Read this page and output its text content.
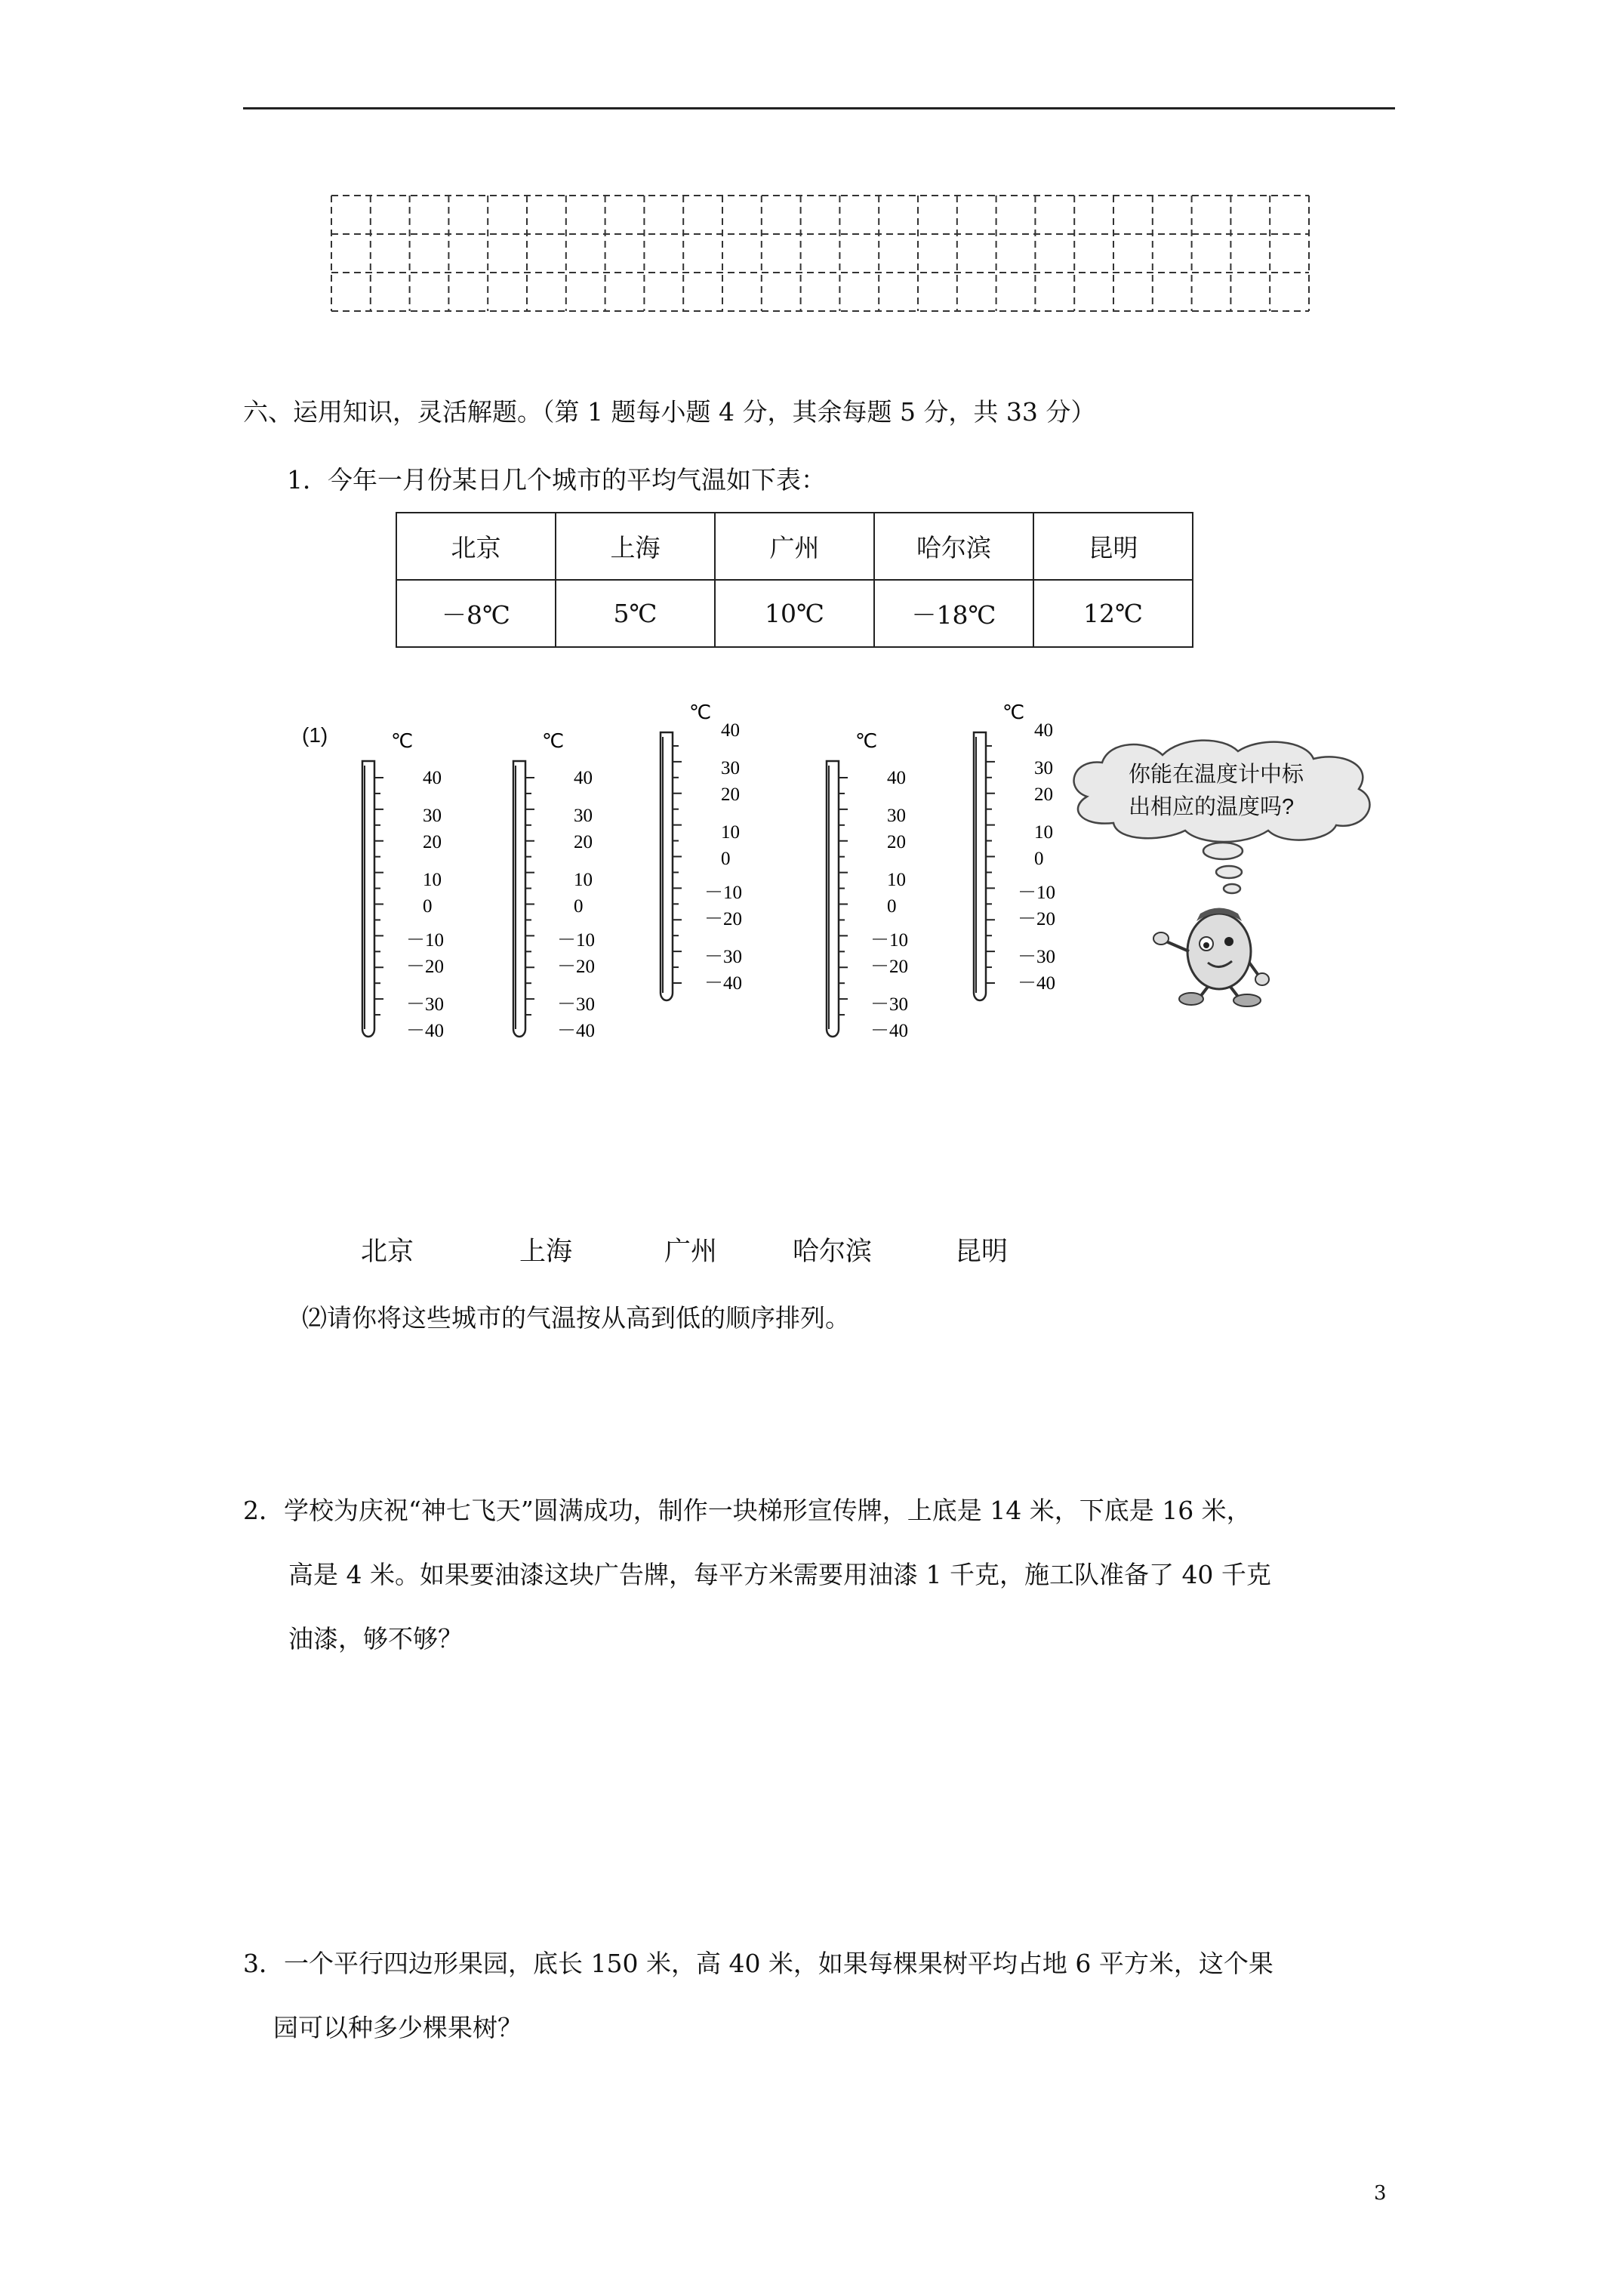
六、运用知识，灵活解题。（第 1 题每小题 4 分，其余每题 5 分，共 33 分）
1．今年一月份某日几个城市的平均气温如下表：
北京	上海	广州	哈尔滨	昆明
－8℃	5℃	10℃	－18℃	12℃
(1)	℃
40
30
20
10
0
－10
－20
－30
－40
℃
40
30
20
10
0
－10
－20
－30
－40
℃
40
30
20
10
0
－10
－20
－30
－40
℃
40
30
20
10
0
－10
－20
－30
－40
℃
40
30
20
10
0
－10
－20
－30
－40
你能在温度计中标
出相应的温度吗?
北京	上海	广州	哈尔滨	昆明
⑵请你将这些城市的气温按从高到低的顺序排列。
2．学校为庆祝“神七飞天”圆满成功，制作一块梯形宣传牌，上底是 14 米，下底是 16 米，
高是 4 米。如果要油漆这块广告牌，每平方米需要用油漆 1 千克，施工队准备了 40 千克
油漆，够不够？
3．一个平行四边形果园，底长 150 米，高 40 米，如果每棵果树平均占地 6 平方米，这个果
园可以种多少棵果树？
3
